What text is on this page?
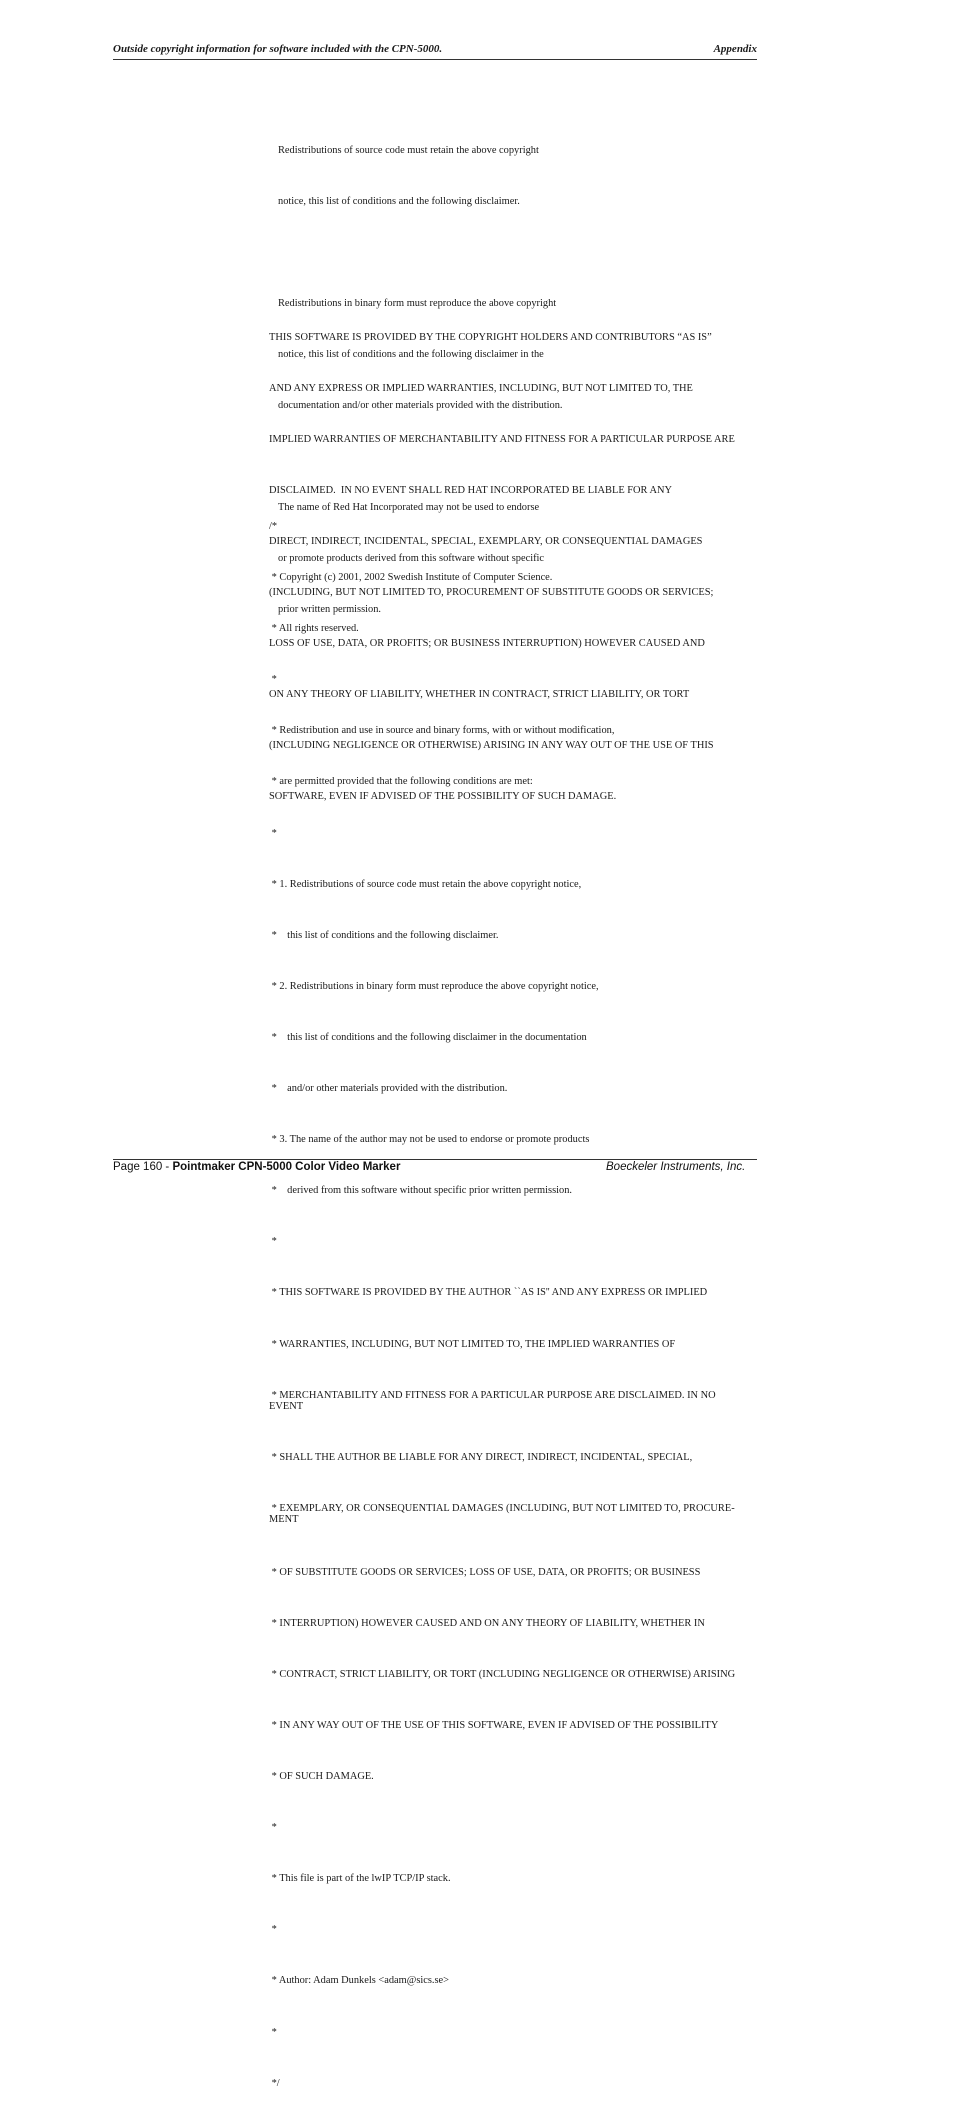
Outside copyright information for software included with the CPN-5000.	Appendix

Redistributions of source code must retain the above copyright

notice, this list of conditions and the following disclaimer.

Redistributions in binary form must reproduce the above copyright

notice, this list of conditions and the following disclaimer in the

documentation and/or other materials provided with the distribution.

The name of Red Hat Incorporated may not be used to endorse

or promote products derived from this software without specific

prior written permission.

THIS SOFTWARE IS PROVIDED BY THE COPYRIGHT HOLDERS AND CONTRIBUTORS “AS IS”

AND ANY EXPRESS OR IMPLIED WARRANTIES, INCLUDING, BUT NOT LIMITED TO, THE

IMPLIED WARRANTIES OF MERCHANTABILITY AND FITNESS FOR A PARTICULAR PURPOSE ARE

DISCLAIMED.  IN NO EVENT SHALL RED HAT INCORPORATED BE LIABLE FOR ANY

DIRECT, INDIRECT, INCIDENTAL, SPECIAL, EXEMPLARY, OR CONSEQUENTIAL DAMAGES

(INCLUDING, BUT NOT LIMITED TO, PROCUREMENT OF SUBSTITUTE GOODS OR SERVICES;

LOSS OF USE, DATA, OR PROFITS; OR BUSINESS INTERRUPTION) HOWEVER CAUSED AND

ON ANY THEORY OF LIABILITY, WHETHER IN CONTRACT, STRICT LIABILITY, OR TORT

(INCLUDING NEGLIGENCE OR OTHERWISE) ARISING IN ANY WAY OUT OF THE USE OF THIS

SOFTWARE, EVEN IF ADVISED OF THE POSSIBILITY OF SUCH DAMAGE.

/*

* Copyright (c) 2001, 2002 Swedish Institute of Computer Science.

* All rights reserved.

*

* Redistribution and use in source and binary forms, with or without modification,

* are permitted provided that the following conditions are met:

*

* 1. Redistributions of source code must retain the above copyright notice,

*    this list of conditions and the following disclaimer.

* 2. Redistributions in binary form must reproduce the above copyright notice,

*    this list of conditions and the following disclaimer in the documentation

*    and/or other materials provided with the distribution.

* 3. The name of the author may not be used to endorse or promote products

*    derived from this software without specific prior written permission.

*

* THIS SOFTWARE IS PROVIDED BY THE AUTHOR ``AS IS'' AND ANY EXPRESS OR IMPLIED

* WARRANTIES, INCLUDING, BUT NOT LIMITED TO, THE IMPLIED WARRANTIES OF

* MERCHANTABILITY AND FITNESS FOR A PARTICULAR PURPOSE ARE DISCLAIMED. IN NO
EVENT

* SHALL THE AUTHOR BE LIABLE FOR ANY DIRECT, INDIRECT, INCIDENTAL, SPECIAL,

* EXEMPLARY, OR CONSEQUENTIAL DAMAGES (INCLUDING, BUT NOT LIMITED TO, PROCURE-
MENT

* OF SUBSTITUTE GOODS OR SERVICES; LOSS OF USE, DATA, OR PROFITS; OR BUSINESS

* INTERRUPTION) HOWEVER CAUSED AND ON ANY THEORY OF LIABILITY, WHETHER IN

* CONTRACT, STRICT LIABILITY, OR TORT (INCLUDING NEGLIGENCE OR OTHERWISE) ARISING

* IN ANY WAY OUT OF THE USE OF THIS SOFTWARE, EVEN IF ADVISED OF THE POSSIBILITY

* OF SUCH DAMAGE.

*

* This file is part of the lwIP TCP/IP stack.

*

* Author: Adam Dunkels <adam@sics.se>

*

*/

Page 160 - Pointmaker CPN-5000 Color Video Marker	Boeckeler Instruments, Inc.
